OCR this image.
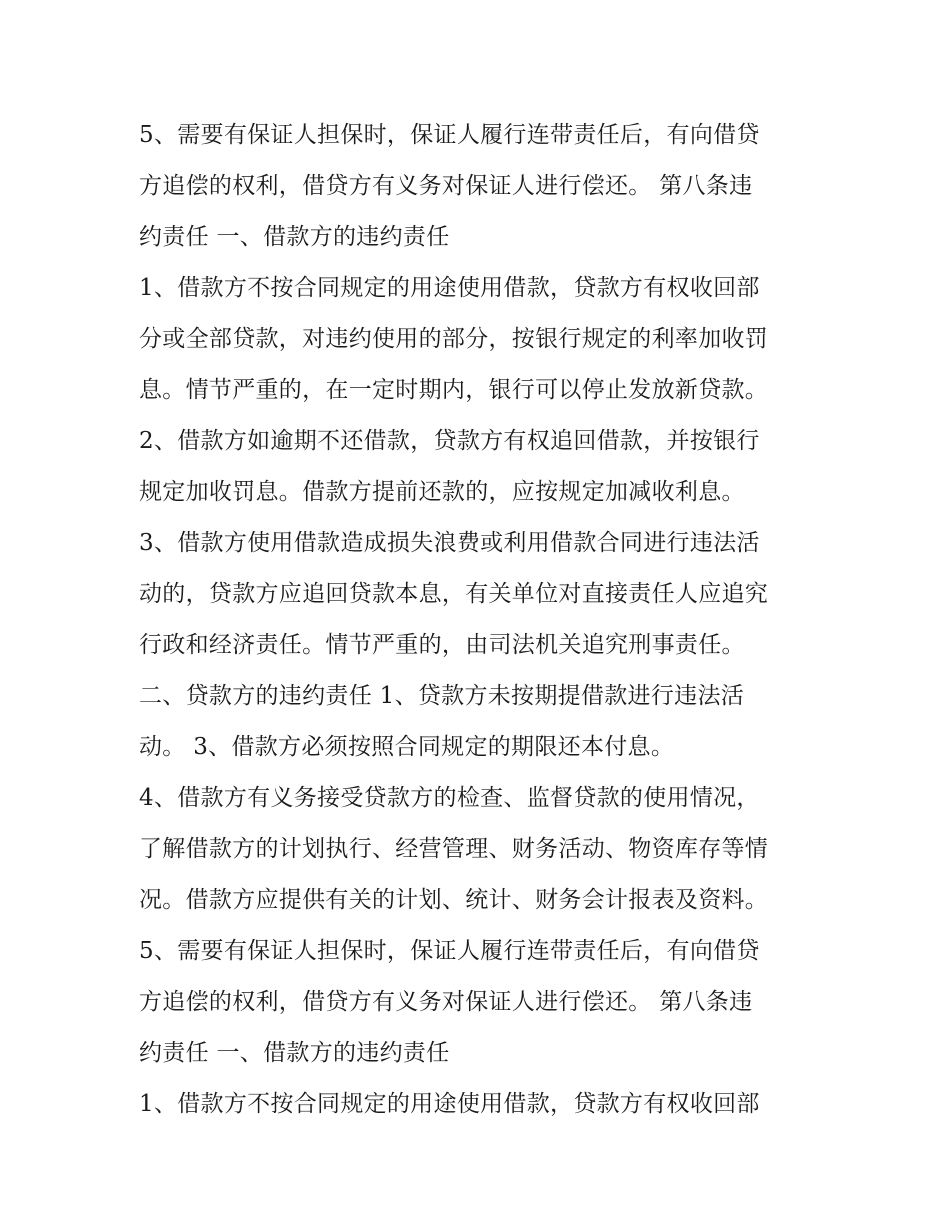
5、需要有保证人担保时，保证人履行连带责任后，有向借贷
方追偿的权利，借贷方有义务对保证人进行偿还。 第八条违
约责任 一、借款方的违约责任
1、借款方不按合同规定的用途使用借款，贷款方有权收回部
分或全部贷款，对违约使用的部分，按银行规定的利率加收罚
息。情节严重的，在一定时期内，银行可以停止发放新贷款。
2、借款方如逾期不还借款，贷款方有权追回借款，并按银行
规定加收罚息。借款方提前还款的，应按规定加减收利息。
3、借款方使用借款造成损失浪费或利用借款合同进行违法活
动的，贷款方应追回贷款本息，有关单位对直接责任人应追究
行政和经济责任。情节严重的，由司法机关追究刑事责任。
二、贷款方的违约责任 1、贷款方未按期提借款进行违法活
动。 3、借款方必须按照合同规定的期限还本付息。
4、借款方有义务接受贷款方的检查、监督贷款的使用情况，
了解借款方的计划执行、经营管理、财务活动、物资库存等情
况。借款方应提供有关的计划、统计、财务会计报表及资料。
5、需要有保证人担保时，保证人履行连带责任后，有向借贷
方追偿的权利，借贷方有义务对保证人进行偿还。 第八条违
约责任 一、借款方的违约责任
1、借款方不按合同规定的用途使用借款，贷款方有权收回部
